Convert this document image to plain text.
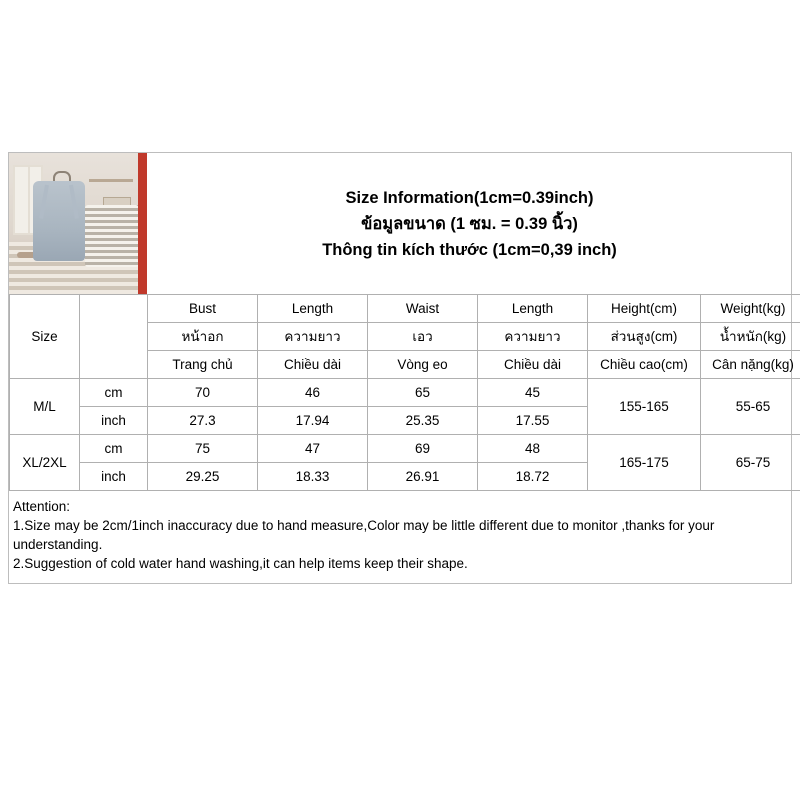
Size Information(1cm=0.39inch)
ข้อมูลขนาด (1 ซม. = 0.39 นิ้ว)
Thông tin kích thước (1cm=0,39 inch)
Size		Bust	Length	Waist	Length	Height(cm)	Weight(kg)
		หน้าอก	ความยาว	เอว	ความยาว	ส่วนสูง(cm)	น้ำหนัก(kg)
		Trang chủ	Chiều dài	Vòng eo	Chiều dài	Chiều cao(cm)	Cân nặng(kg)
M/L	cm	70	46	65	45	155-165	55-65
	inch	27.3	17.94	25.35	17.55		
XL/2XL	cm	75	47	69	48	165-175	65-75
	inch	29.25	18.33	26.91	18.72		
Attention:
1.Size may be 2cm/1inch inaccuracy due to hand measure,Color may be little different due to monitor ,thanks for your understanding.
2.Suggestion of cold water hand washing,it can help items keep their shape.
